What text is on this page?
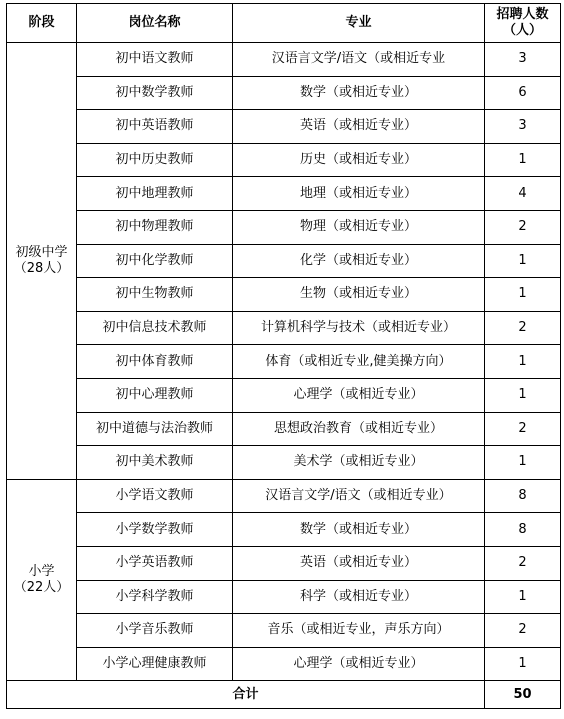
阶段	岗位名称	专业	招聘人数（人）

初级中学
（28人）	初中语文教师	汉语言文学/语文（或相近专业	3
	初中数学教师	数学（或相近专业）	6
	初中英语教师	英语（或相近专业）	3
	初中历史教师	历史（或相近专业）	1
	初中地理教师	地理（或相近专业）	4
	初中物理教师	物理（或相近专业）	2
	初中化学教师	化学（或相近专业）	1
	初中生物教师	生物（或相近专业）	1
	初中信息技术教师	计算机科学与技术（或相近专业）	2
	初中体育教师	体育（或相近专业,健美操方向）	1
	初中心理教师	心理学（或相近专业）	1
	初中道德与法治教师	思想政治教育（或相近专业）	2
	初中美术教师	美术学（或相近专业）	1

小学
（22人）	小学语文教师	汉语言文学/语文（或相近专业）	8
	小学数学教师	数学（或相近专业）	8
	小学英语教师	英语（或相近专业）	2
	小学科学教师	科学（或相近专业）	1
	小学音乐教师	音乐（或相近专业，声乐方向）	2
	小学心理健康教师	心理学（或相近专业）	1
合计			50
